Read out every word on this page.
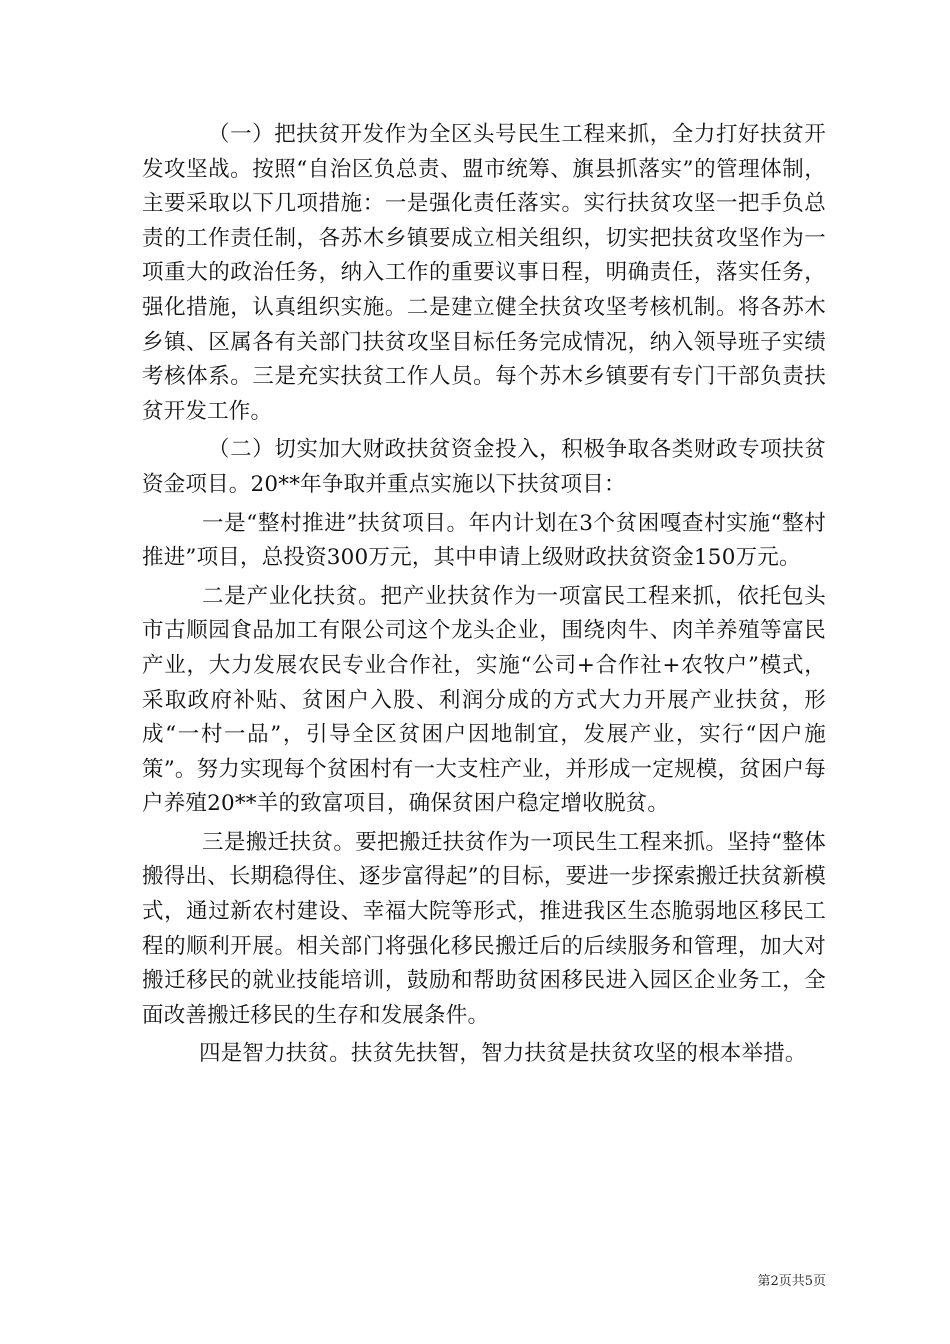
（一）把扶贫开发作为全区头号民生工程来抓，全力打好扶贫开发攻坚战。按照“自治区负总责、盟市统筹、旗县抓落实”的管理体制，主要采取以下几项措施：一是强化责任落实。实行扶贫攻坚一把手负总责的工作责任制，各苏木乡镇要成立相关组织，切实把扶贫攻坚作为一项重大的政治任务，纳入工作的重要议事日程，明确责任，落实任务，强化措施，认真组织实施。二是建立健全扶贫攻坚考核机制。将各苏木乡镇、区属各有关部门扶贫攻坚目标任务完成情况，纳入领导班子实绩考核体系。三是充实扶贫工作人员。每个苏木乡镇要有专门干部负责扶贫开发工作。

（二）切实加大财政扶贫资金投入，积极争取各类财政专项扶贫资金项目。20**年争取并重点实施以下扶贫项目：

一是“整村推进”扶贫项目。年内计划在3个贫困嘎查村实施“整村推进”项目，总投资300万元，其中申请上级财政扶贫资金150万元。

二是产业化扶贫。把产业扶贫作为一项富民工程来抓，依托包头市古顺园食品加工有限公司这个龙头企业，围绕肉牛、肉羊养殖等富民产业，大力发展农民专业合作社，实施“公司+合作社+农牧户”模式，采取政府补贴、贫困户入股、利润分成的方式大力开展产业扶贫，形成“一村一品”，引导全区贫困户因地制宜，发展产业，实行“因户施策”。努力实现每个贫困村有一大支柱产业，并形成一定规模，贫困户每户养殖20**羊的致富项目，确保贫困户稳定增收脱贫。

三是搬迁扶贫。要把搬迁扶贫作为一项民生工程来抓。坚持“整体搬得出、长期稳得住、逐步富得起”的目标，要进一步探索搬迁扶贫新模式，通过新农村建设、幸福大院等形式，推进我区生态脆弱地区移民工程的顺利开展。相关部门将强化移民搬迁后的后续服务和管理，加大对搬迁移民的就业技能培训，鼓励和帮助贫困移民进入园区企业务工，全面改善搬迁移民的生存和发展条件。

四是智力扶贫。扶贫先扶智，智力扶贫是扶贫攻坚的根本举措。

第2页共5页
